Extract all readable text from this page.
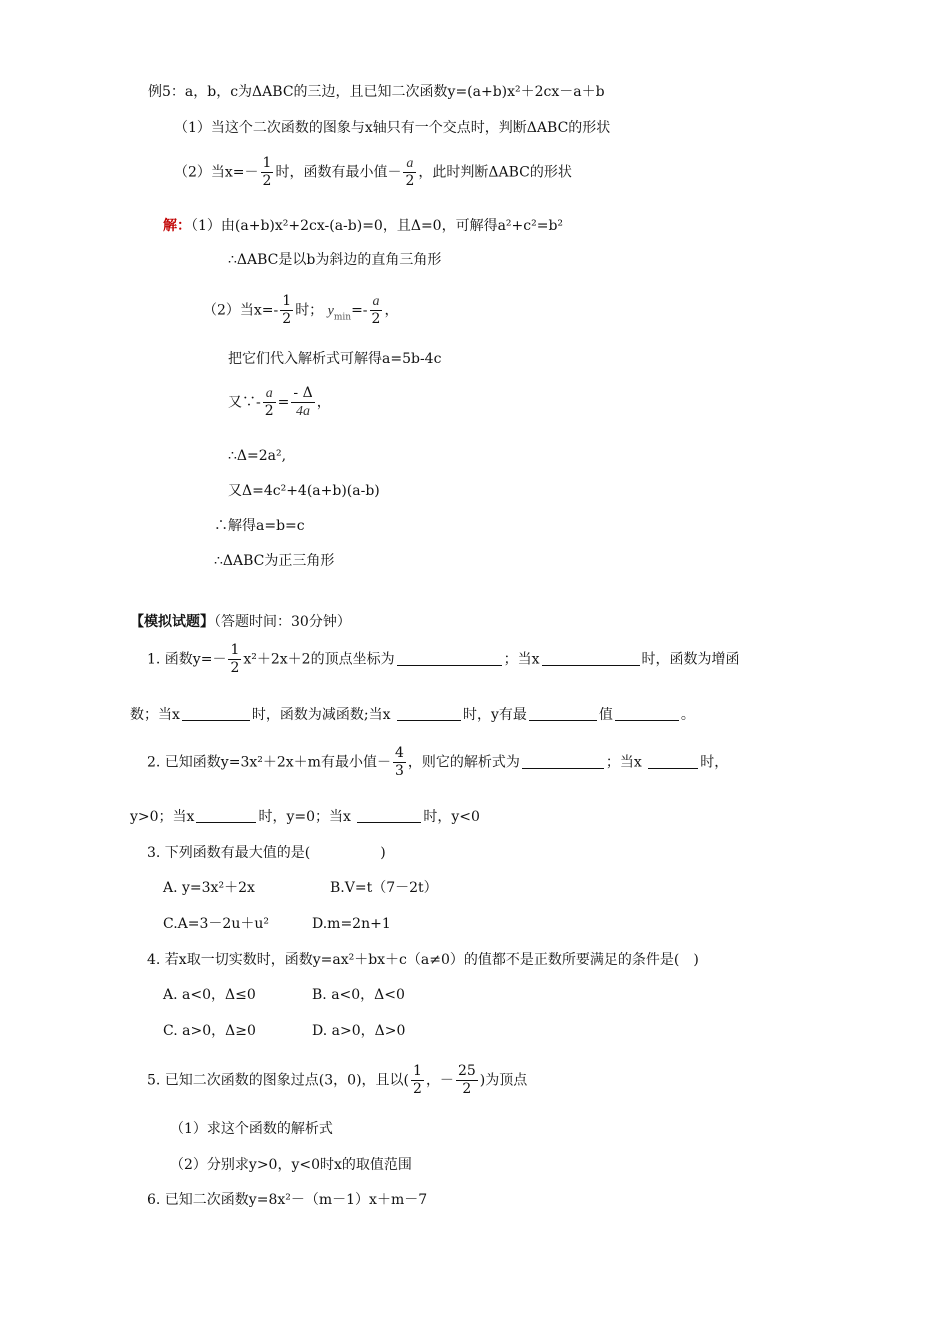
例5：a，b，c为ΔABC的三边，且已知二次函数y=(a+b)x²＋2cx－a＋b
（1）当这个二次函数的图象与x轴只有一个交点时，判断ΔABC的形状
（2）当$x=- \frac{1}{2}$ 时，函数有最小值－ $\frac{a}{2}$ ，此时判断ΔABC的形状
解：（1）由(a+b)x²+2cx-(a-b)=0，且Δ=0，可解得a²+c²=b²
∴ΔABC是以b为斜边的直角三角形
（2）当$x=- \frac{1}{2}$ 时； $y_{min}=- \frac{a}{2}$ ，
把它们代入解析式可解得a=5b-4c
又∵- $\frac{a}{2} = \frac{- \Delta}{4a}$ ，
∴Δ=2a²,
又Δ=4c²+4(a+b)(a-b)
∴解得a=b=c
∴ΔABC为正三角形
【模拟试题】（答题时间：30分钟）
1. 函数$y=- \frac{1}{2} x^2+2x+2$的顶点坐标为	；当x	时，函数为增函
数；当x	时，函数为减函数;当x	时，y有最	值	。
2. 已知函数y=3x²＋2x＋m有最小值－ $\frac{4}{3}$ ，则它的解析式为	；当x	时，
y>0；当x	时，y=0；当x	时，y<0
3. 下列函数有最大值的是(　　　　　)
A. y=3x²＋2x	B.V=t（7－2t）
C.A=3－2u＋u²	D.m=2n+1
4. 若x取一切实数时，函数y=ax²＋bx＋c（a≠0）的值都不是正数所要满足的条件是(　)
A. a<0，Δ≤0	B. a<0，Δ<0
C. a>0，Δ≥0	D. a>0，Δ>0
5. 已知二次函数的图象过点(3，0)，且以( $\frac{1}{2}$ ，－ $\frac{25}{2}$ )为顶点
（1）求这个函数的解析式
（2）分别求y>0，y<0时x的取值范围
6. 已知二次函数y=8x²－（m－1）x＋m－7
